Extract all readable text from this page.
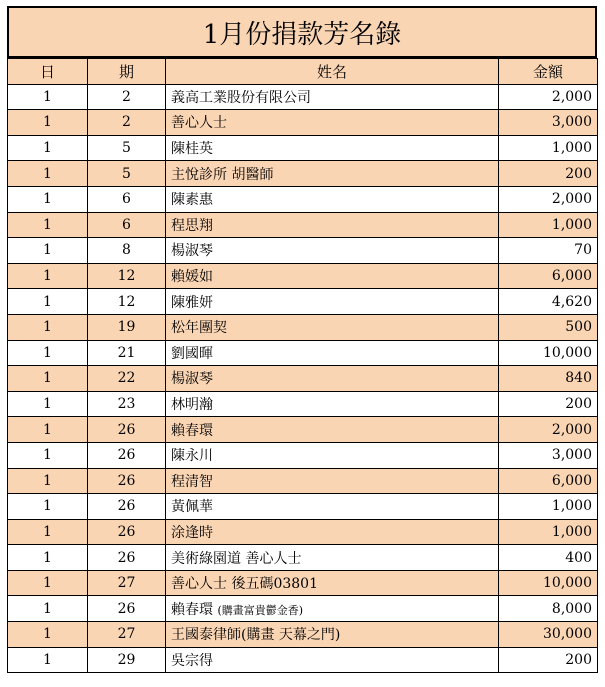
1月份捐款芳名錄
日	期	姓名	金額
1	2	義高工業股份有限公司	2,000
1	2	善心人士	3,000
1	5	陳桂英	1,000
1	5	主悅診所 胡醫師	200
1	6	陳素惠	2,000
1	6	程思翔	1,000
1	8	楊淑琴	70
1	12	賴媛如	6,000
1	12	陳雅妍	4,620
1	19	松年團契	500
1	21	劉國暉	10,000
1	22	楊淑琴	840
1	23	林明瀚	200
1	26	賴春環	2,000
1	26	陳永川	3,000
1	26	程清智	6,000
1	26	黃佩華	1,000
1	26	涂逢時	1,000
1	26	美術綠園道 善心人士	400
1	27	善心人士 後五碼03801	10,000
1	26	賴春環 (購畫富貴鬱金香)	8,000
1	27	王國泰律師(購畫 天幕之門)	30,000
1	29	吳宗得	200
